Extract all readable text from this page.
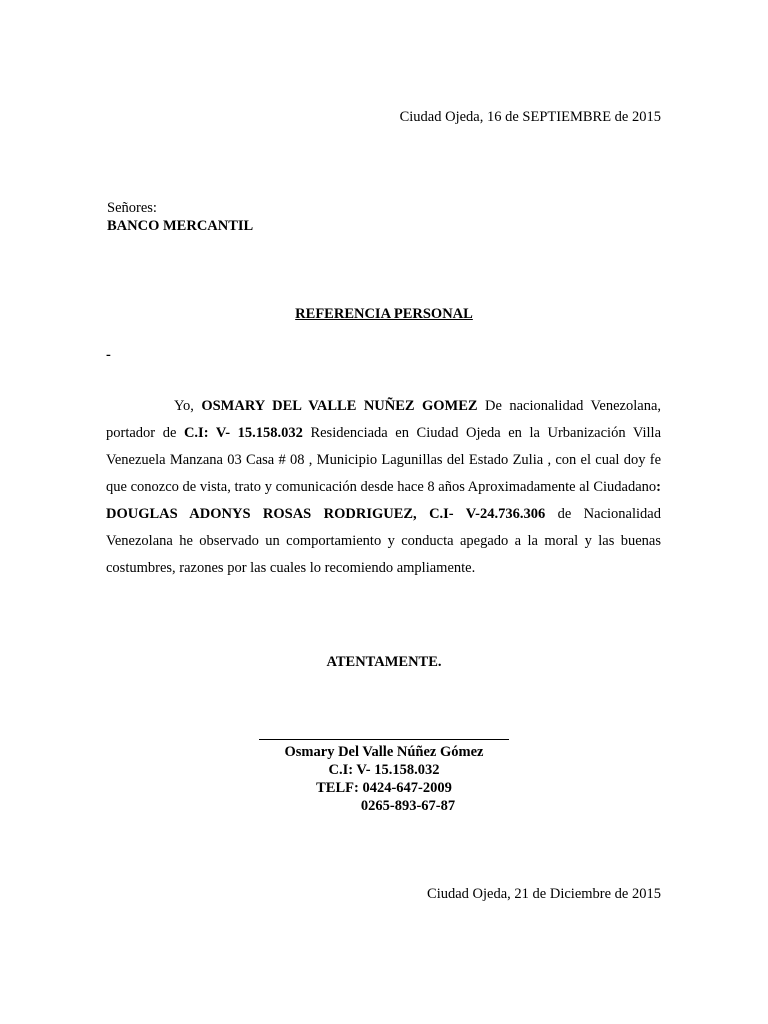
Ciudad Ojeda, 16 de SEPTIEMBRE de 2015
Señores:
BANCO MERCANTIL
REFERENCIA PERSONAL
-
Yo, OSMARY DEL VALLE NUÑEZ GOMEZ De nacionalidad Venezolana, portador de C.I: V- 15.158.032 Residenciada en Ciudad Ojeda en la Urbanización Villa Venezuela Manzana 03 Casa # 08 , Municipio Lagunillas del Estado Zulia , con el cual doy fe que conozco de vista, trato y comunicación desde hace 8 años Aproximadamente al Ciudadano: DOUGLAS ADONYS ROSAS RODRIGUEZ, C.I- V-24.736.306 de Nacionalidad Venezolana he observado un comportamiento y conducta apegado a la moral y las buenas costumbres, razones por las cuales lo recomiendo ampliamente.
ATENTAMENTE.
Osmary Del Valle Núñez Gómez
C.I: V- 15.158.032
TELF: 0424-647-2009
0265-893-67-87
Ciudad Ojeda, 21 de Diciembre de 2015
